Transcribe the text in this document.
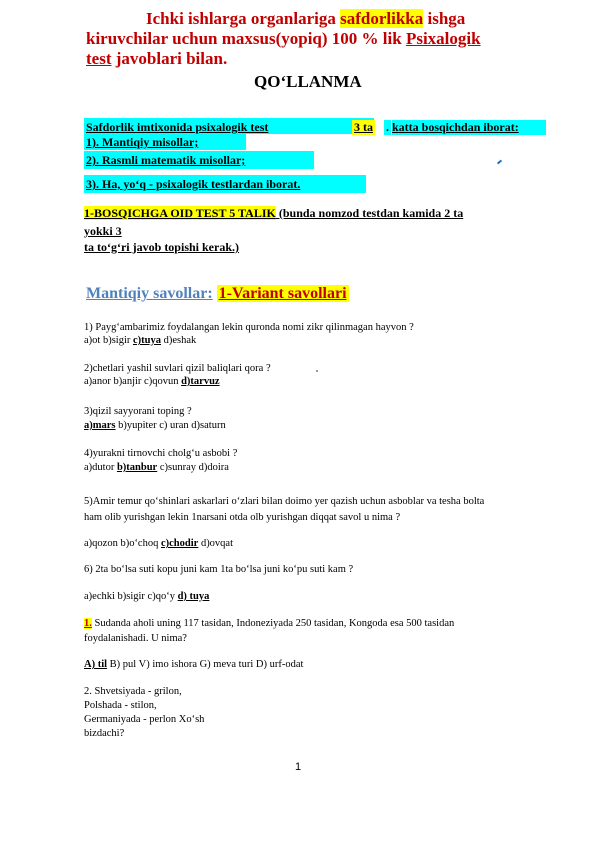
Ichki ishlarga organlariga safdorlikka ishga
kiruvchilar uchun maxsus(yopiq) 100 % lik Psixalogik
test javoblari bilan.
QO‘LLANMA
Safdorlik imtixonida psixalogik test	3 ta . katta bosqichdan iborat:
1). Mantiqiy misollar;
2). Rasmli matematik misollar;
3). Ha, yo‘q - psixalogik testlardan iborat.
1-BOSQICHGA OID TEST 5 TALIK (bunda nomzod testdan kamida 2 ta
yokki 3
ta to‘g‘ri javob topishi kerak.)
Mantiqiy savollar: 1-Variant savollari
1) Payg‘ambarimiz foydalangan lekin quronda nomi zikr qilinmagan hayvon ?
a)ot b)sigir c)tuya d)eshak
2)chetlari yashil suvlari qizil baliqlari qora ?
a)anor b)anjir c)qovun d)tarvuz
3)qizil sayyorani toping ?
a)mars b)yupiter c) uran d)saturn
4)yurakni tirnovchi cholg‘u asbobi ?
a)dutor b)tanbur c)sunray d)doira
5)Amir temur qo‘shinlari askarlari o‘zlari bilan doimo yer qazish uchun asboblar va tesha bolta
ham olib yurishgan lekin 1narsani otda olb yurishgan diqqat savol u nima ?
a)qozon b)o‘choq c)chodir d)ovqat
6) 2ta bo‘lsa suti kopu juni kam 1ta bo‘lsa juni ko‘pu suti kam ?
a)echki b)sigir c)qo‘y d) tuya
1. Sudanda aholi uning 117 tasidan, Indoneziyada 250 tasidan, Kongoda esa 500 tasidan
foydalanishadi. U nima?
A) til B) pul V) imo ishora G) meva turi D) urf-odat
2. Shvetsiyada - grilon,
Polshada - stilon,
Germaniyada - perlon Xo‘sh
bizdachi?
1
